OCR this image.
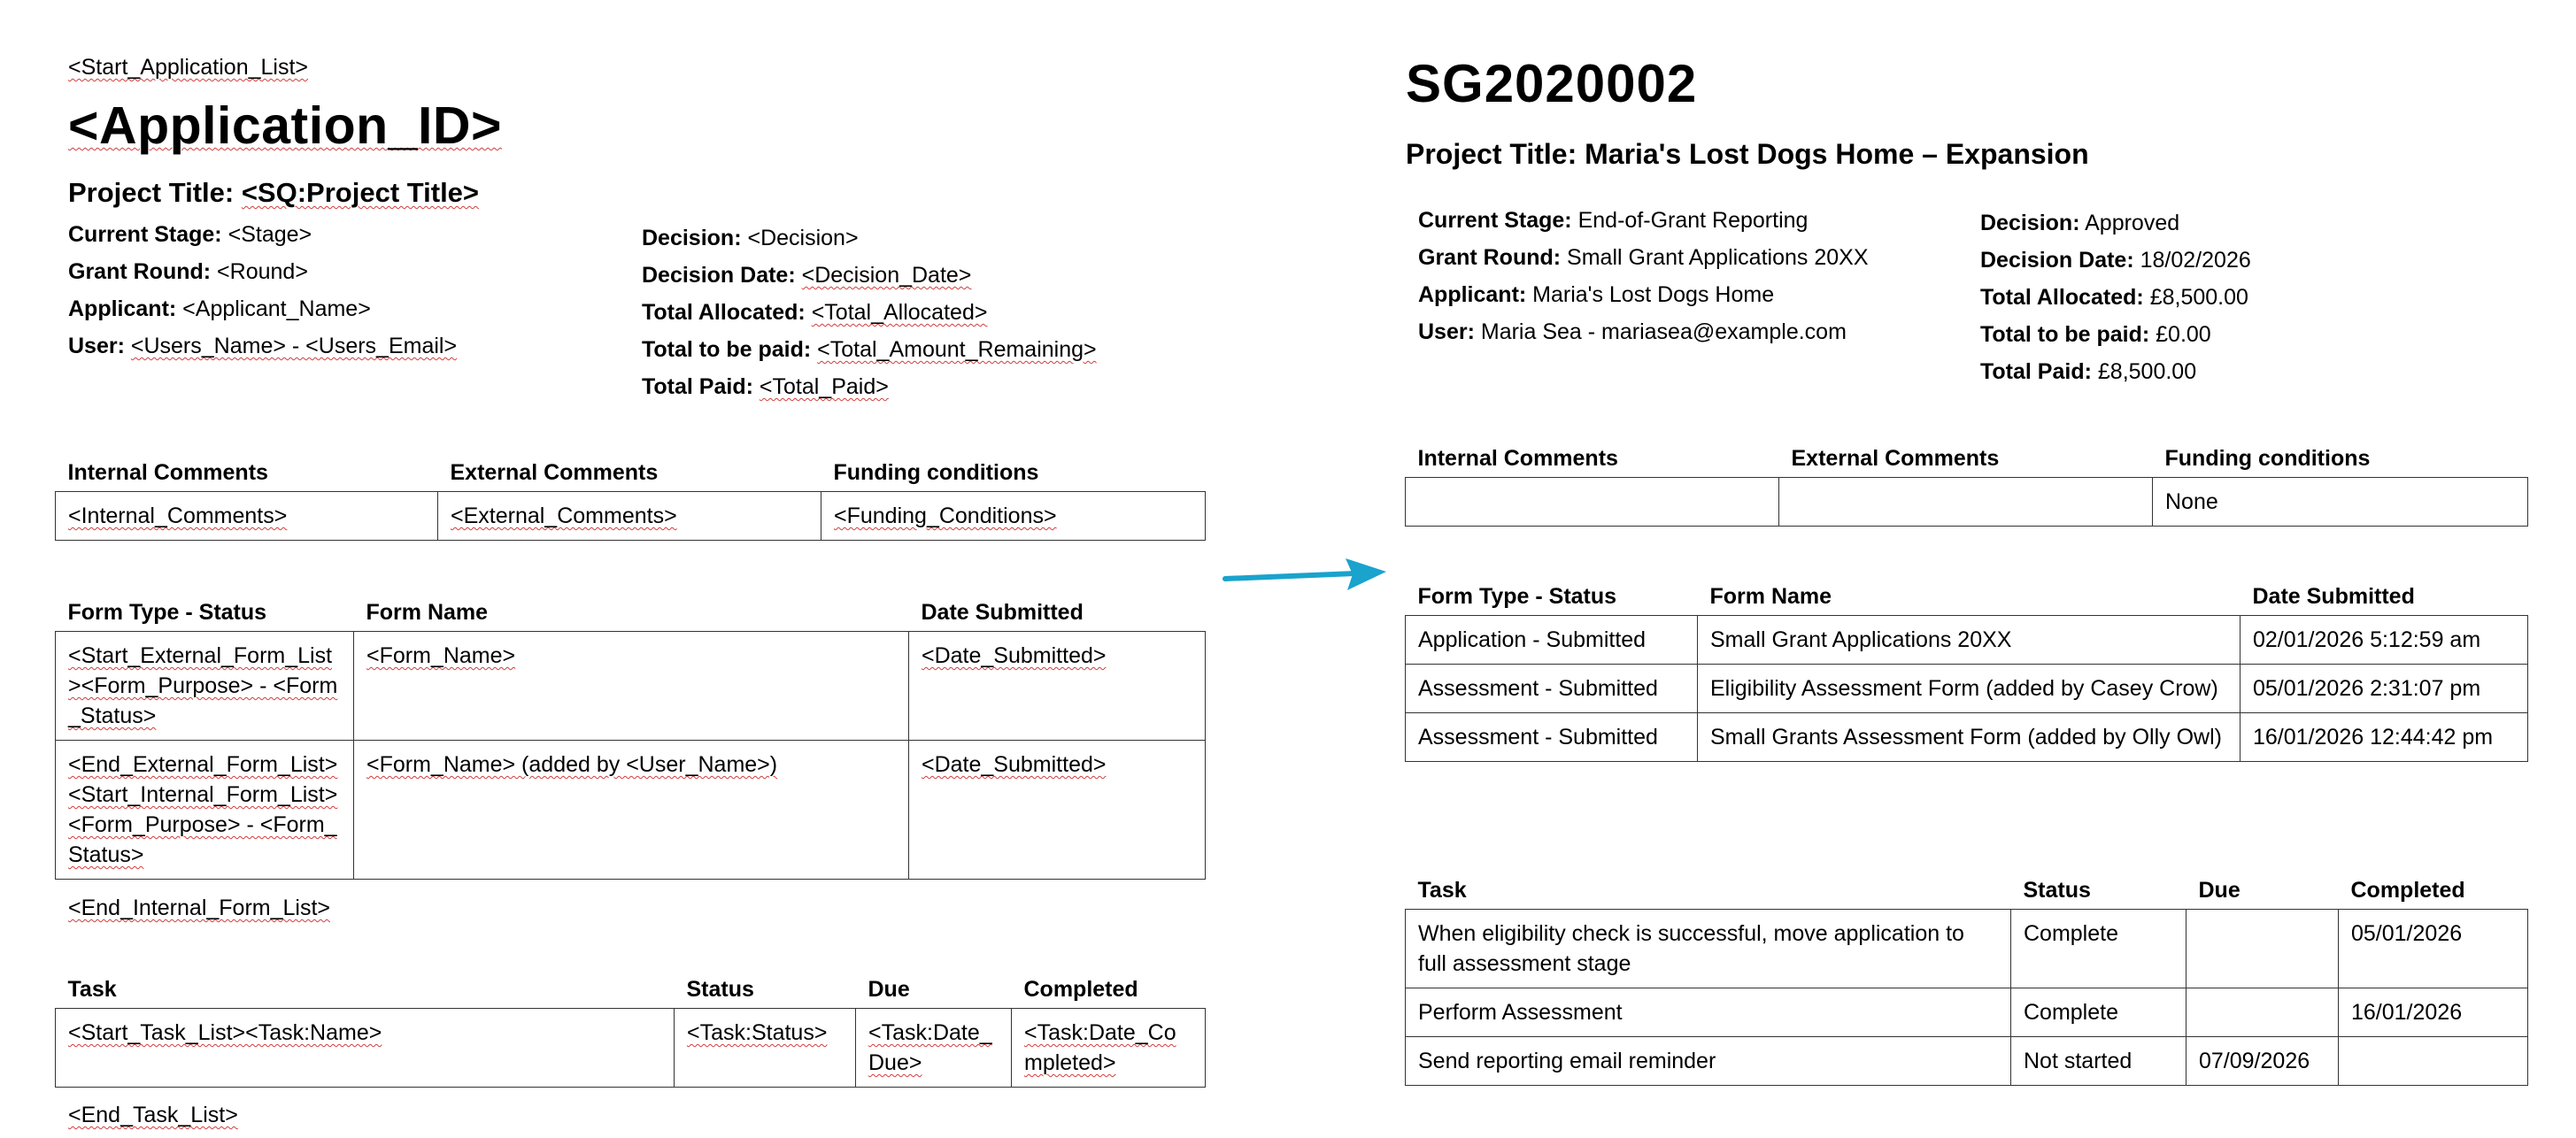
<Start_Application_List>
<Application_ID>
Project Title: <SQ:Project Title>
Current Stage: <Stage>
Grant Round: <Round>
Applicant: <Applicant_Name>
User: <Users_Name> - <Users_Email>
Decision: <Decision>
Decision Date: <Decision_Date>
Total Allocated: <Total_Allocated>
Total to be paid: <Total_Amount_Remaining>
Total Paid: <Total_Paid>
Internal Comments	External Comments	Funding conditions
<Internal_Comments>	<External_Comments>	<Funding_Conditions>
Form Type - Status	Form Name	Date Submitted
<Start_External_Form_List><Form_Purpose> - <Form_Status>	<Form_Name>	<Date_Submitted>
<End_External_Form_List><Start_Internal_Form_List><Form_Purpose> - <Form_Status>	<Form_Name> (added by <User_Name>)	<Date_Submitted>
<End_Internal_Form_List>
Task	Status	Due	Completed
<Start_Task_List><Task:Name>	<Task:Status>	<Task:Date_Due>	<Task:Date_Completed>
<End_Task_List>
SG2020002
Project Title: Maria's Lost Dogs Home – Expansion
Current Stage: End-of-Grant Reporting
Grant Round: Small Grant Applications 20XX
Applicant: Maria's Lost Dogs Home
User: Maria Sea - mariasea@example.com
Decision: Approved
Decision Date: 18/02/2026
Total Allocated: £8,500.00
Total to be paid: £0.00
Total Paid: £8,500.00
Internal Comments	External Comments	Funding conditions
		None
Form Type - Status	Form Name	Date Submitted
Application - Submitted	Small Grant Applications 20XX	02/01/2026 5:12:59 am
Assessment - Submitted	Eligibility Assessment Form (added by Casey Crow)	05/01/2026 2:31:07 pm
Assessment - Submitted	Small Grants Assessment Form (added by Olly Owl)	16/01/2026 12:44:42 pm
Task	Status	Due	Completed
When eligibility check is successful, move application to full assessment stage	Complete		05/01/2026
Perform Assessment	Complete		16/01/2026
Send reporting email reminder	Not started	07/09/2026	
